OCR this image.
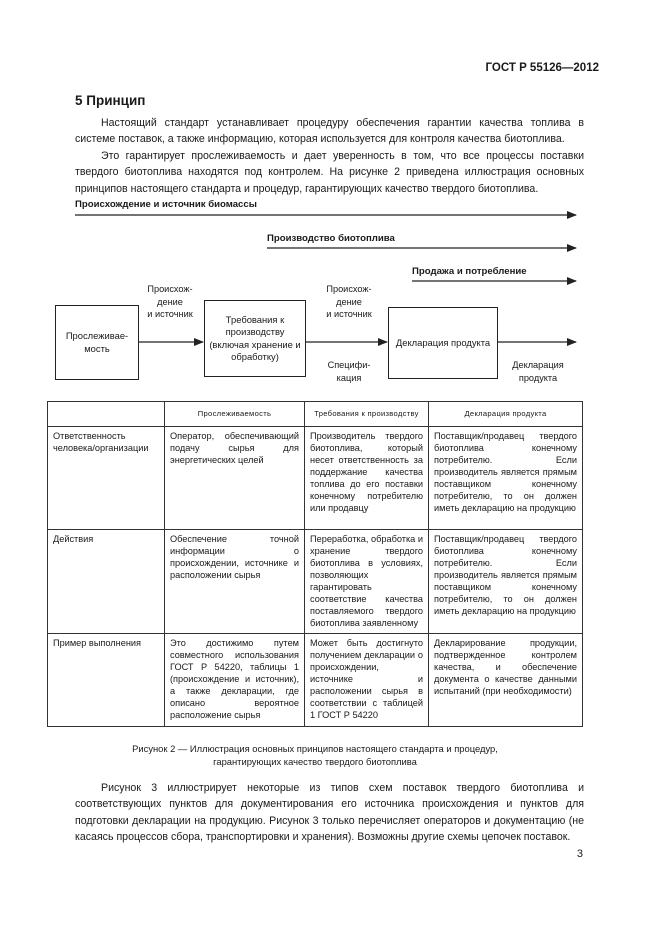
ГОСТ Р 55126—2012
5 Принцип

Настоящий стандарт устанавливает процедуру обеспечения гарантии качества топлива в системе поставок, а также информацию, которая используется для контроля качества биотоплива.

Это гарантирует прослеживаемость и дает уверенность в том, что все процессы поставки твердого биотоплива находятся под контролем. На рисунке 2 приведена иллюстрация основных принципов настоящего стандарта и процедур, гарантирующих качество твердого биотоплива.

Происхождение и источник биомассы
Производство биотоплива
Продажа и потребление
Прослеживае-мость
Требования к производству (включая хранение и обработку)
Декларация продукта
Происхож-
дение
и источник
Происхож-
дение
и источник
Специфи-
кация
Декларация
продукта
	Прослеживаемость	Требования к производству	Декларация продукта
Ответственность человека/организации	Оператор, обеспечивающий подачу сырья для энергетических целей	Производитель твердого биотоплива, который несет ответственность за поддержание качества топлива до его поставки конечному потребителю или продавцу	Поставщик/продавец твердого биотоплива конечному потребителю. Если производитель является прямым поставщиком конечному потребителю, то он должен иметь декларацию на продукцию
Действия	Обеспечение точной информации о происхождении, источнике и расположении сырья	Переработка, обработка и хранение твердого биотоплива в условиях, позволяющих гарантировать соответствие качества поставляемого твердого биотоплива заявленному	Поставщик/продавец твердого биотоплива конечному потребителю. Если производитель является прямым поставщиком конечному потребителю, то он должен иметь декларацию на продукцию
Пример выполнения	Это достижимо путем совместного использования ГОСТ Р 54220, таблицы 1 (происхождение и источник), а также декларации, где описано вероятное расположение сырья	Может быть достигнуто получением декларации о происхождении, источнике и расположении сырья в соответствии с таблицей 1 ГОСТ Р 54220	Декларирование продукции, подтвержденное контролем качества, и обеспечение документа о качестве данными испытаний (при необходимости)
Рисунок 2 — Иллюстрация основных принципов настоящего стандарта и процедур,
гарантирующих качество твердого биотоплива

Рисунок 3 иллюстрирует некоторые из типов схем поставок твердого биотоплива и соответствующих пунктов для документирования его источника происхождения и пунктов для подготовки декларации на продукцию. Рисунок 3 только перечисляет операторов и документацию (не касаясь процессов сбора, транспортировки и хранения). Возможны другие схемы цепочек поставок.

3
